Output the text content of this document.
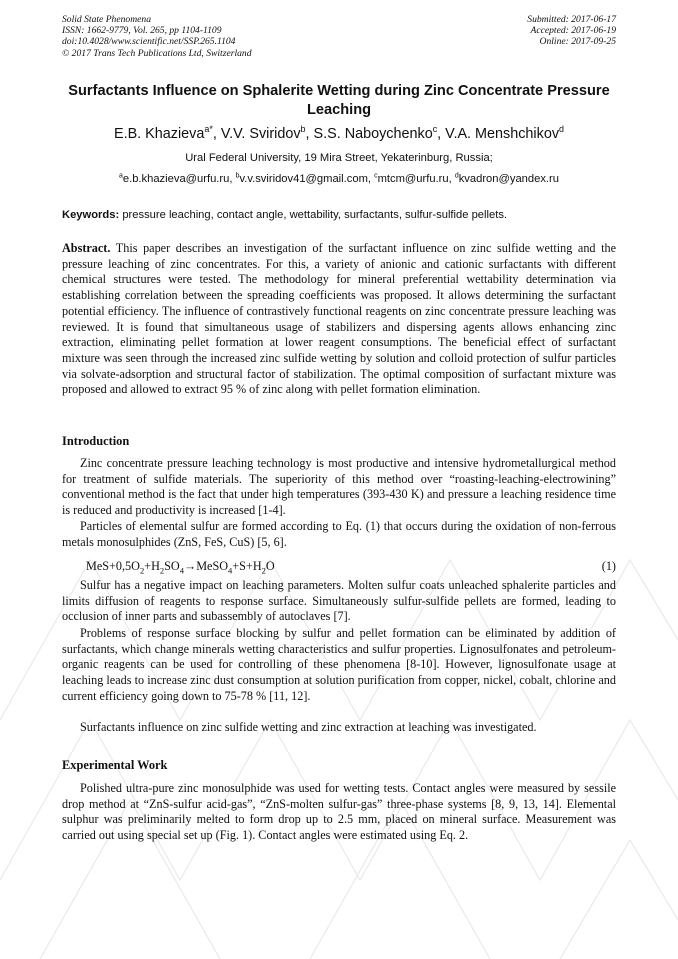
Solid State Phenomena
ISSN: 1662-9779, Vol. 265, pp 1104-1109
doi:10.4028/www.scientific.net/SSP.265.1104
© 2017 Trans Tech Publications Ltd, Switzerland
Submitted: 2017-06-17
Accepted: 2017-06-19
Online: 2017-09-25
Surfactants Influence on Sphalerite Wetting during Zinc Concentrate Pressure Leaching
E.B. Khazieva$^{a*}$, V.V. Sviridov$^b$, S.S. Naboychenko$^c$, V.A. Menshchikov$^d$
Ural Federal University, 19 Mira Street, Yekaterinburg, Russia;
$^a$e.b.khazieva@urfu.ru, $^b$v.v.sviridov41@gmail.com, $^c$mtcm@urfu.ru, $^d$kvadron@yandex.ru
Keywords: pressure leaching, contact angle, wettability, surfactants, sulfur-sulfide pellets.
Abstract. This paper describes an investigation of the surfactant influence on zinc sulfide wetting and the pressure leaching of zinc concentrates. For this, a variety of anionic and cationic surfactants with different chemical structures were tested. The methodology for mineral preferential wettability determination via establishing correlation between the spreading coefficients was proposed. It allows determining the surfactant potential efficiency. The influence of contrastively functional reagents on zinc concentrate pressure leaching was reviewed. It is found that simultaneous usage of stabilizers and dispersing agents allows enhancing zinc extraction, eliminating pellet formation at lower reagent consumptions. The beneficial effect of surfactant mixture was seen through the increased zinc sulfide wetting by solution and colloid protection of sulfur particles via solvate-adsorption and structural factor of stabilization. The optimal composition of surfactant mixture was proposed and allowed to extract 95 % of zinc along with pellet formation elimination.
Introduction
Zinc concentrate pressure leaching technology is most productive and intensive hydrometallurgical method for treatment of sulfide materials. The superiority of this method over “roasting-leaching-electrowining” conventional method is the fact that under high temperatures (393-430 K) and pressure a leaching residence time is reduced and productivity is increased [1-4].
Particles of elemental sulfur are formed according to Eq. (1) that occurs during the oxidation of non-ferrous metals monosulphides (ZnS, FeS, CuS) [5, 6].
$MeS+0,5O_2+H_2SO_4\to MeSO_4+S+H_2O$	(1)
Sulfur has a negative impact on leaching parameters. Molten sulfur coats unleached sphalerite particles and limits diffusion of reagents to response surface. Simultaneously sulfur-sulfide pellets are formed, leading to occlusion of inner parts and subassembly of autoclaves [7].
Problems of response surface blocking by sulfur and pellet formation can be eliminated by addition of surfactants, which change minerals wetting characteristics and sulfur properties. Lignosulfonates and petroleum-organic reagents can be used for controlling of these phenomena [8-10]. However, lignosulfonate usage at leaching leads to increase zinc dust consumption at solution purification from copper, nickel, cobalt, chlorine and current efficiency going down to 75-78 % [11, 12].
Surfactants influence on zinc sulfide wetting and zinc extraction at leaching was investigated.
Experimental Work
Polished ultra-pure zinc monosulphide was used for wetting tests. Contact angles were measured by sessile drop method at “ZnS-sulfur acid-gas”, “ZnS-molten sulfur-gas” three-phase systems [8, 9, 13, 14]. Elemental sulphur was preliminarily melted to form drop up to 2.5 mm, placed on mineral surface. Measurement was carried out using special set up (Fig. 1). Contact angles were estimated using Eq. 2.
